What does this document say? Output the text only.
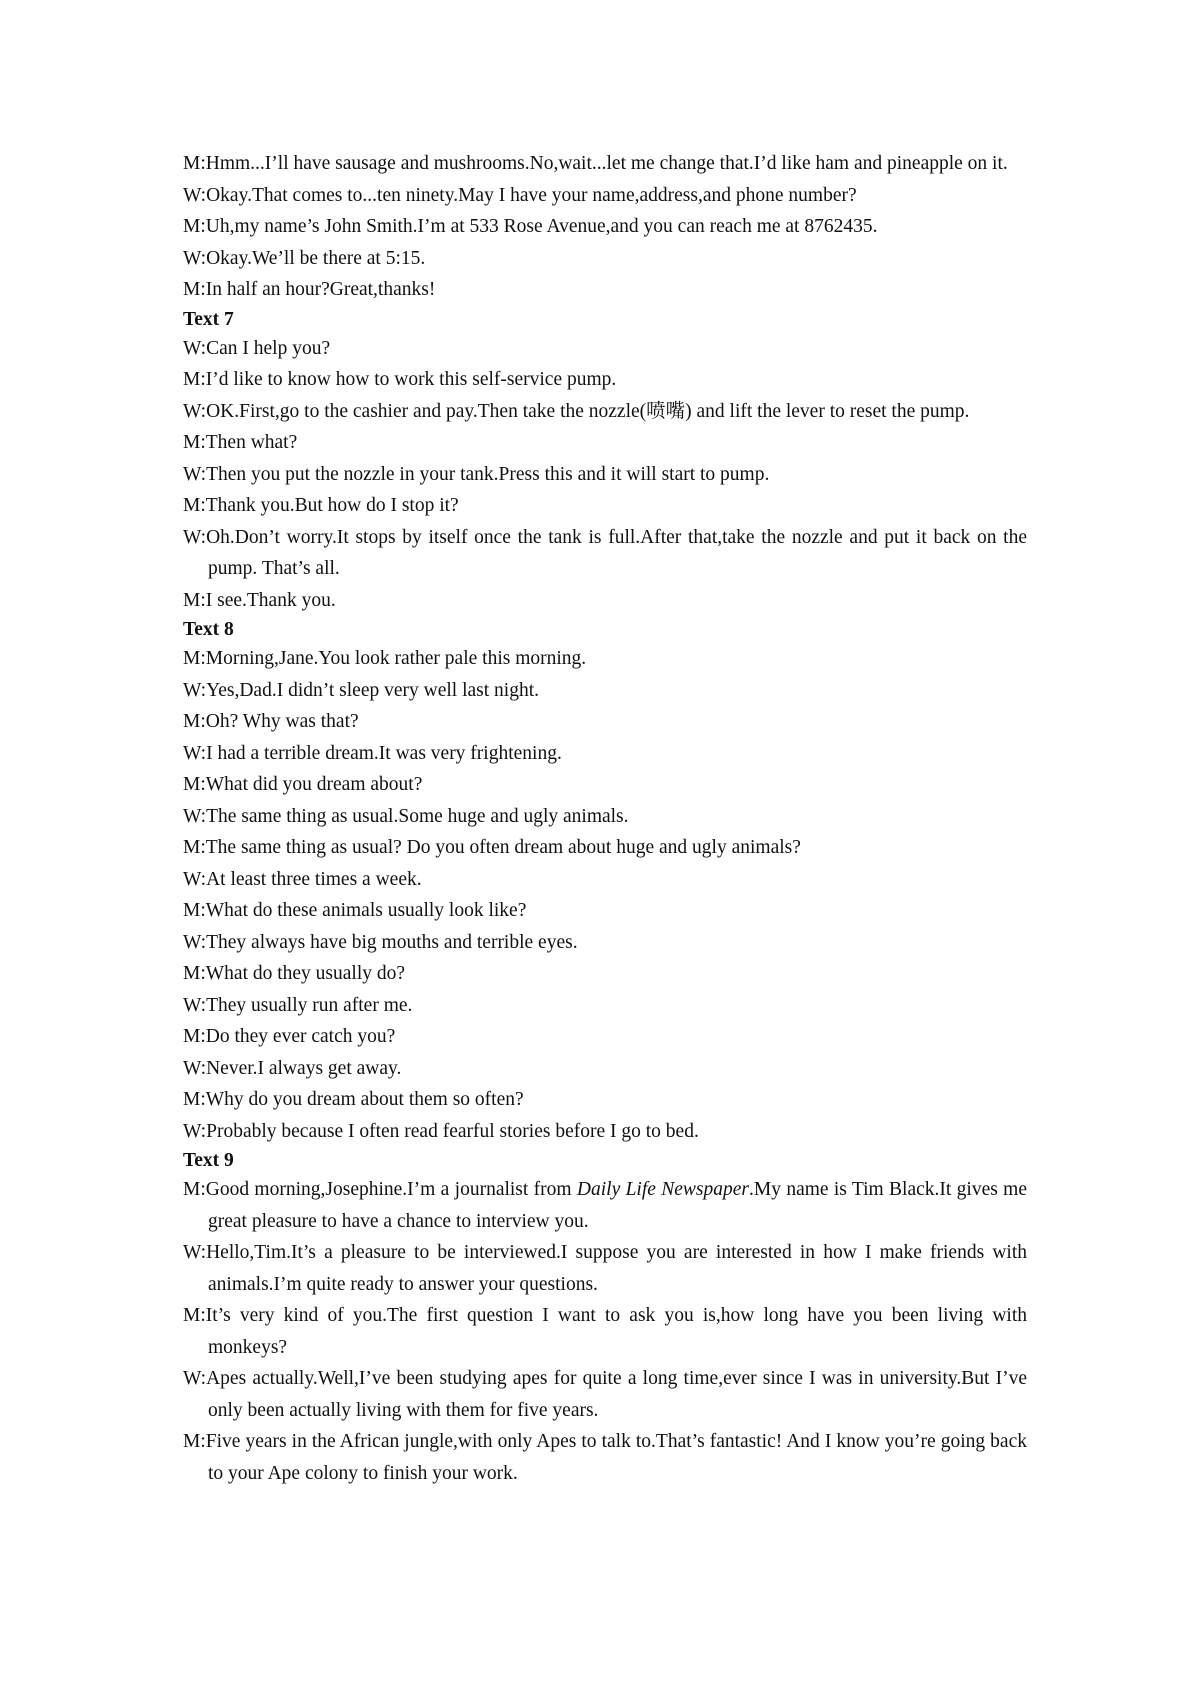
M:Hmm...I’ll have sausage and mushrooms.No,wait...let me change that.I’d like ham and pineapple on it.
W:Okay.That comes to...ten ninety.May I have your name,address,and phone number?
M:Uh,my name’s John Smith.I’m at 533 Rose Avenue,and you can reach me at 8762435.
W:Okay.We’ll be there at 5:15.
M:In half an hour?Great,thanks!
Text 7
W:Can I help you?
M:I’d like to know how to work this self-service pump.
W:OK.First,go to the cashier and pay.Then take the nozzle(喷嘴) and lift the lever to reset the pump.
M:Then what?
W:Then you put the nozzle in your tank.Press this and it will start to pump.
M:Thank you.But how do I stop it?
W:Oh.Don’t worry.It stops by itself once the tank is full.After that,take the nozzle and put it back on the pump. That’s all.
M:I see.Thank you.
Text 8
M:Morning,Jane.You look rather pale this morning.
W:Yes,Dad.I didn’t sleep very well last night.
M:Oh? Why was that?
W:I had a terrible dream.It was very frightening.
M:What did you dream about?
W:The same thing as usual.Some huge and ugly animals.
M:The same thing as usual? Do you often dream about huge and ugly animals?
W:At least three times a week.
M:What do these animals usually look like?
W:They always have big mouths and terrible eyes.
M:What do they usually do?
W:They usually run after me.
M:Do they ever catch you?
W:Never.I always get away.
M:Why do you dream about them so often?
W:Probably because I often read fearful stories before I go to bed.
Text 9
M:Good morning,Josephine.I’m a journalist from Daily Life Newspaper.My name is Tim Black.It gives me great pleasure to have a chance to interview you.
W:Hello,Tim.It’s a pleasure to be interviewed.I suppose you are interested in how I make friends with animals.I’m quite ready to answer your questions.
M:It’s very kind of you.The first question I want to ask you is,how long have you been living with monkeys?
W:Apes actually.Well,I’ve been studying apes for quite a long time,ever since I was in university.But I’ve only been actually living with them for five years.
M:Five years in the African jungle,with only Apes to talk to.That’s fantastic! And I know you’re going back to your Ape colony to finish your work.
